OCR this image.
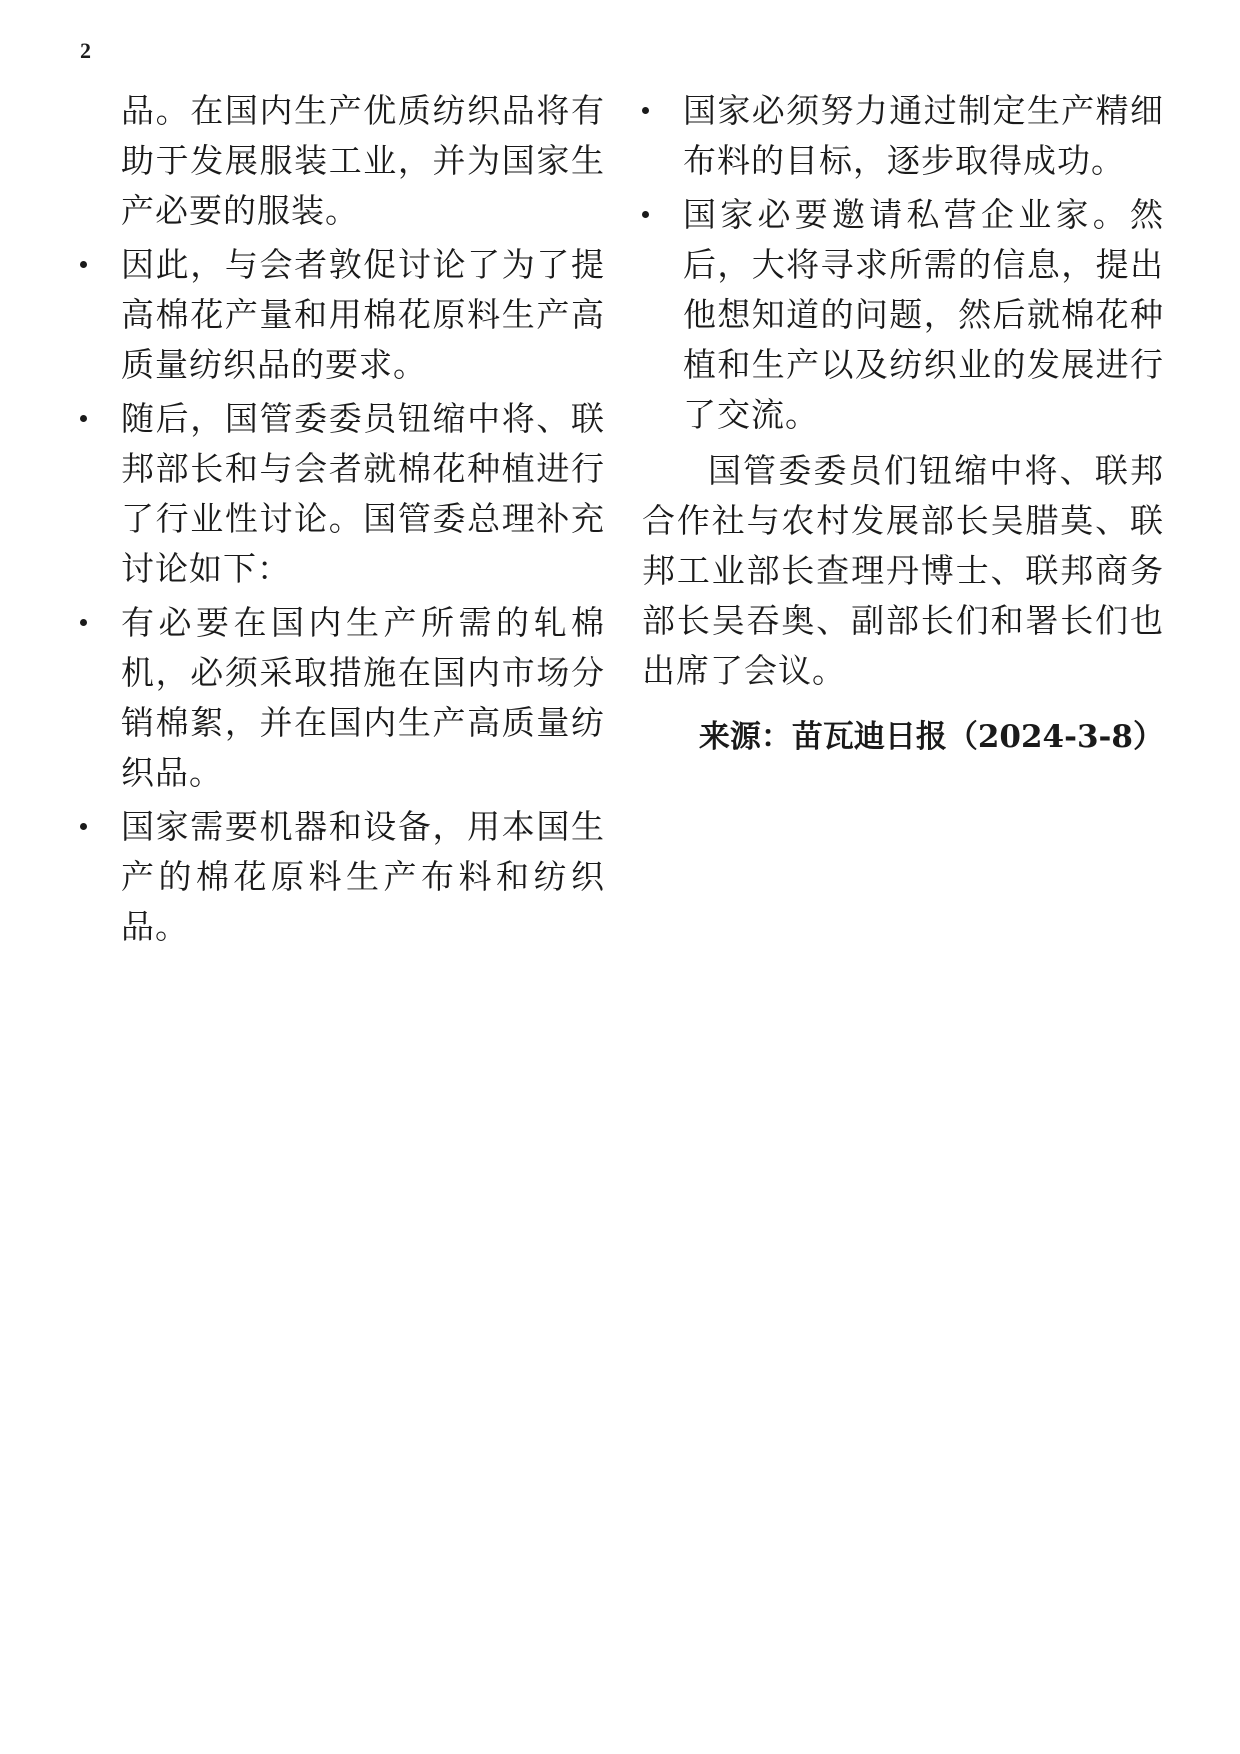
2

品。在国内生产优质纺织品将有助于发展服装工业，并为国家生产必要的服装。

因此，与会者敦促讨论了为了提高棉花产量和用棉花原料生产高质量纺织品的要求。

随后，国管委委员钮缩中将、联邦部长和与会者就棉花种植进行了行业性讨论。国管委总理补充讨论如下：

有必要在国内生产所需的轧棉机，必须采取措施在国内市场分销棉絮，并在国内生产高质量纺织品。

国家需要机器和设备，用本国生产的棉花原料生产布料和纺织品。

国家必须努力通过制定生产精细布料的目标，逐步取得成功。

国家必要邀请私营企业家。然后，大将寻求所需的信息，提出他想知道的问题，然后就棉花种植和生产以及纺织业的发展进行了交流。

国管委委员们钮缩中将、联邦合作社与农村发展部长吴腊莫、联邦工业部长查理丹博士、联邦商务部长吴吞奥、副部长们和署长们也出席了会议。

来源：苗瓦迪日报（2024-3-8）
